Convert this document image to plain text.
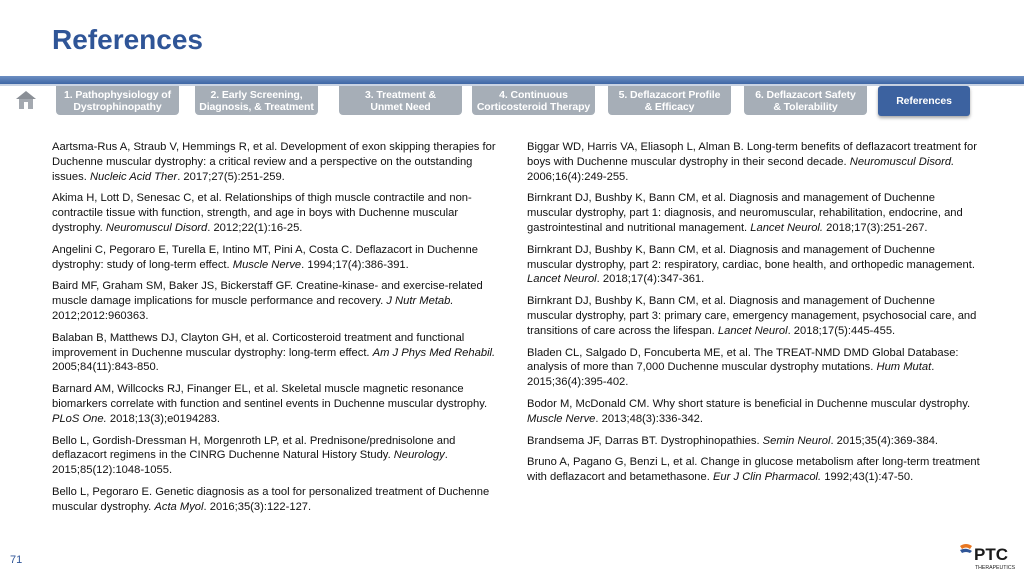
References
1. Pathophysiology of
Dystrophinopathy
2. Early Screening,
Diagnosis, & Treatment
3. Treatment &
Unmet Need
4. Continuous
Corticosteroid Therapy
5. Deflazacort Profile
& Efficacy
6. Deflazacort Safety
& Tolerability	References

Aartsma-Rus A, Straub V, Hemmings R, et al. Development of exon skipping therapies for Duchenne muscular dystrophy: a critical review and a perspective on the outstanding issues. Nucleic Acid Ther. 2017;27(5):251-259.

Akima H, Lott D, Senesac C, et al. Relationships of thigh muscle contractile and non-contractile tissue with function, strength, and age in boys with Duchenne muscular dystrophy. Neuromuscul Disord. 2012;22(1):16-25.

Angelini C, Pegoraro E, Turella E, Intino MT, Pini A, Costa C. Deflazacort in Duchenne dystrophy: study of long-term effect. Muscle Nerve. 1994;17(4):386-391.

Baird MF, Graham SM, Baker JS, Bickerstaff GF. Creatine-kinase- and exercise-related muscle damage implications for muscle performance and recovery. J Nutr Metab. 2012;2012:960363.

Balaban B, Matthews DJ, Clayton GH, et al. Corticosteroid treatment and functional improvement in Duchenne muscular dystrophy: long-term effect. Am J Phys Med Rehabil. 2005;84(11):843-850.

Barnard AM, Willcocks RJ, Finanger EL, et al. Skeletal muscle magnetic resonance biomarkers correlate with function and sentinel events in Duchenne muscular dystrophy. PLoS One. 2018;13(3);e0194283.

Bello L, Gordish-Dressman H, Morgenroth LP, et al. Prednisone/prednisolone and deflazacort regimens in the CINRG Duchenne Natural History Study. Neurology. 2015;85(12):1048-1055.

Bello L, Pegoraro E. Genetic diagnosis as a tool for personalized treatment of Duchenne muscular dystrophy. Acta Myol. 2016;35(3):122-127.

Biggar WD, Harris VA, Eliasoph L, Alman B. Long-term benefits of deflazacort treatment for boys with Duchenne muscular dystrophy in their second decade. Neuromuscul Disord. 2006;16(4):249-255.

Birnkrant DJ, Bushby K, Bann CM, et al. Diagnosis and management of Duchenne muscular dystrophy, part 1: diagnosis, and neuromuscular, rehabilitation, endocrine, and gastrointestinal and nutritional management. Lancet Neurol. 2018;17(3):251-267.

Birnkrant DJ, Bushby K, Bann CM, et al. Diagnosis and management of Duchenne muscular dystrophy, part 2: respiratory, cardiac, bone health, and orthopedic management. Lancet Neurol. 2018;17(4):347-361.

Birnkrant DJ, Bushby K, Bann CM, et al. Diagnosis and management of Duchenne muscular dystrophy, part 3: primary care, emergency management, psychosocial care, and transitions of care across the lifespan. Lancet Neurol. 2018;17(5):445-455.

Bladen CL, Salgado D, Foncuberta ME, et al. The TREAT-NMD DMD Global Database: analysis of more than 7,000 Duchenne muscular dystrophy mutations. Hum Mutat. 2015;36(4):395-402.

Bodor M, McDonald CM. Why short stature is beneficial in Duchenne muscular dystrophy. Muscle Nerve. 2013;48(3):336-342.

Brandsema JF, Darras BT. Dystrophinopathies. Semin Neurol. 2015;35(4):369-384.

Bruno A, Pagano G, Benzi L, et al. Change in glucose metabolism after long-term treatment with deflazacort and betamethasone. Eur J Clin Pharmacol. 1992;43(1):47-50.

71	PTC
THERAPEUTICS
